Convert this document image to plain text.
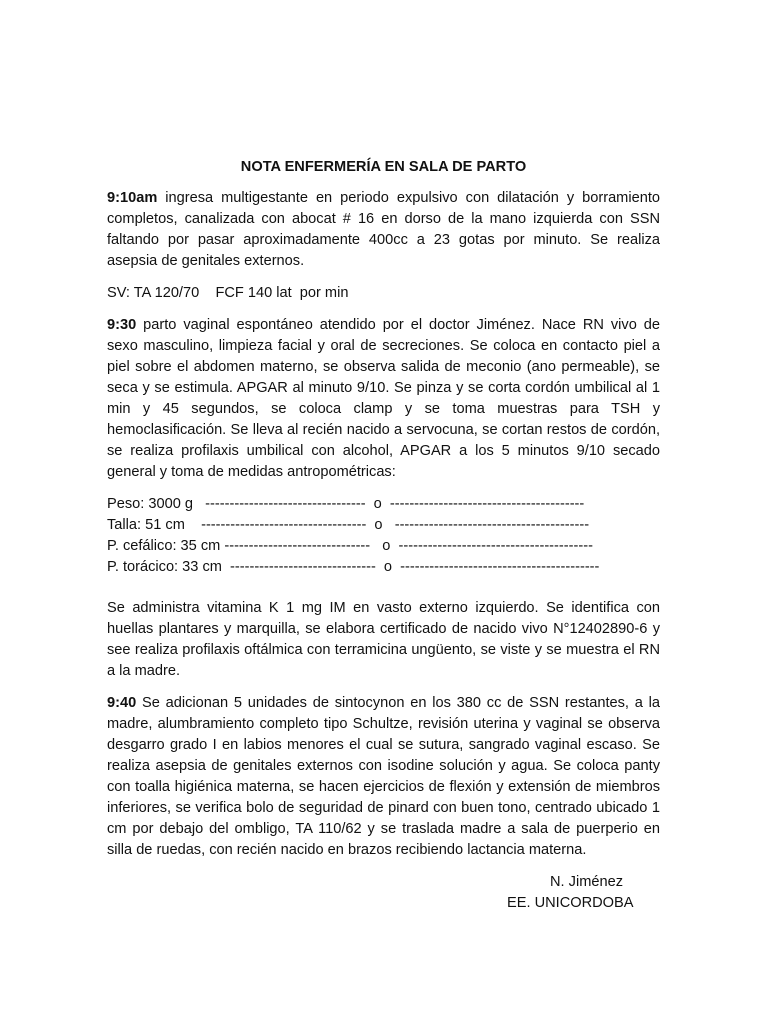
NOTA ENFERMERÍA EN SALA DE PARTO

9:10am ingresa multigestante en periodo expulsivo con dilatación y borramiento completos, canalizada con abocat # 16 en dorso de la mano izquierda con SSN faltando por pasar aproximadamente 400cc a 23 gotas por minuto. Se realiza asepsia de genitales externos.

SV: TA 120/70    FCF 140 lat  por min

9:30 parto vaginal espontáneo atendido por el doctor Jiménez. Nace RN vivo de sexo masculino, limpieza facial y oral de secreciones. Se coloca en contacto piel a piel sobre el abdomen materno, se observa salida de meconio (ano permeable), se seca y se estimula. APGAR al minuto 9/10. Se pinza y se corta cordón umbilical al 1 min y 45 segundos, se coloca clamp y se toma muestras para TSH y hemoclasificación. Se lleva al recién nacido a servocuna, se cortan restos de cordón, se realiza profilaxis umbilical con alcohol, APGAR a los 5 minutos 9/10 secado general y toma de medidas antropométricas:

Peso: 3000 g   ---------------------------------  o  ----------------------------------------
Talla: 51 cm    ----------------------------------  o   ----------------------------------------
P. cefálico: 35 cm ------------------------------   o  ----------------------------------------
P. torácico: 33 cm  ------------------------------  o  -----------------------------------------

Se administra vitamina K 1 mg IM en vasto externo izquierdo. Se identifica con huellas plantares y marquilla, se elabora certificado de nacido vivo N°12402890-6 y see realiza profilaxis oftálmica con terramicina ungüento, se viste y se muestra el RN a la madre.

9:40 Se adicionan 5 unidades de sintocynon en los 380 cc de SSN restantes, a la madre, alumbramiento completo tipo Schultze, revisión uterina y vaginal se observa desgarro grado I en labios menores el cual se sutura, sangrado vaginal escaso. Se realiza asepsia de genitales externos con isodine solución y agua. Se coloca panty con toalla higiénica materna, se hacen ejercicios de flexión y extensión de miembros inferiores, se verifica bolo de seguridad de pinard con buen tono, centrado ubicado 1 cm por debajo del ombligo, TA 110/62 y se traslada madre a sala de puerperio en silla de ruedas, con recién nacido en brazos recibiendo lactancia materna.

N. Jiménez
EE. UNICORDOBA
